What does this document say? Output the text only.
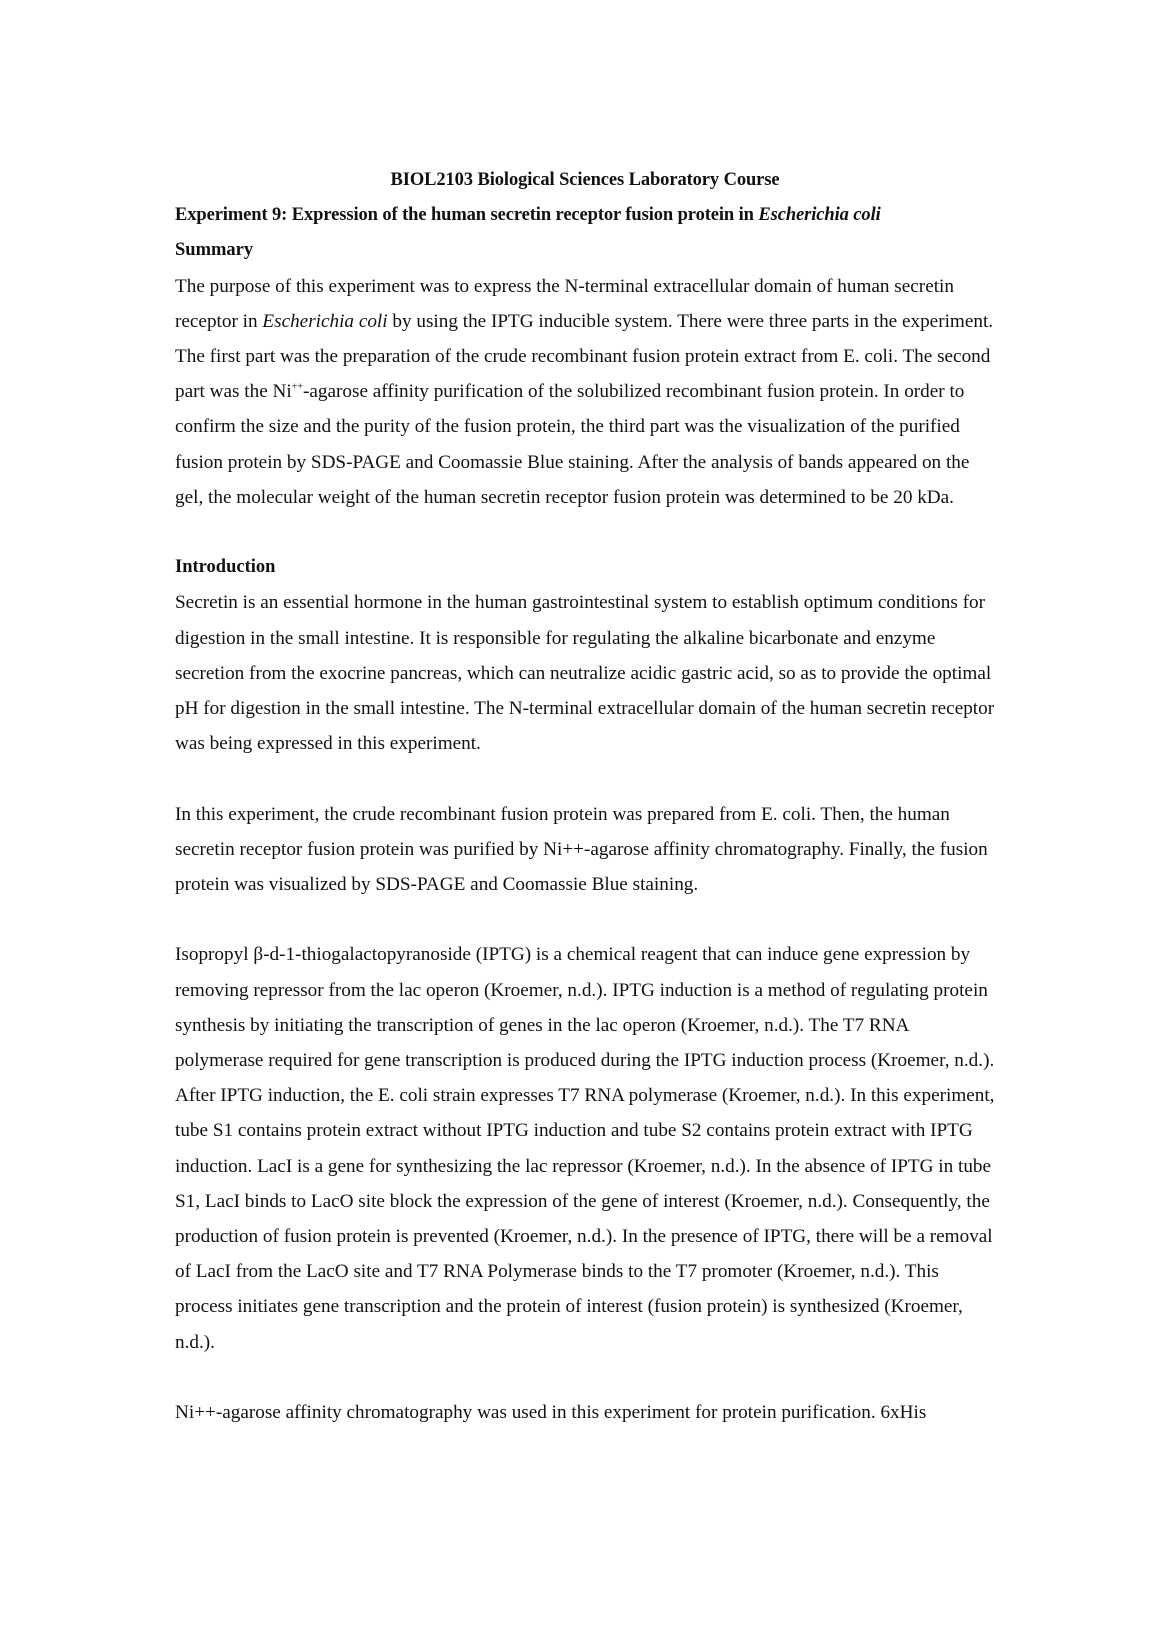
BIOL2103 Biological Sciences Laboratory Course

Experiment 9: Expression of the human secretin receptor fusion protein in Escherichia coli

Summary

The purpose of this experiment was to express the N-terminal extracellular domain of human secretin receptor in Escherichia coli by using the IPTG inducible system. There were three parts in the experiment. The first part was the preparation of the crude recombinant fusion protein extract from E. coli. The second part was the Ni++-agarose affinity purification of the solubilized recombinant fusion protein. In order to confirm the size and the purity of the fusion protein, the third part was the visualization of the purified fusion protein by SDS-PAGE and Coomassie Blue staining. After the analysis of bands appeared on the gel, the molecular weight of the human secretin receptor fusion protein was determined to be 20 kDa.

Introduction

Secretin is an essential hormone in the human gastrointestinal system to establish optimum conditions for digestion in the small intestine. It is responsible for regulating the alkaline bicarbonate and enzyme secretion from the exocrine pancreas, which can neutralize acidic gastric acid, so as to provide the optimal pH for digestion in the small intestine. The N-terminal extracellular domain of the human secretin receptor was being expressed in this experiment.

In this experiment, the crude recombinant fusion protein was prepared from E. coli. Then, the human secretin receptor fusion protein was purified by Ni++-agarose affinity chromatography. Finally, the fusion protein was visualized by SDS-PAGE and Coomassie Blue staining.

Isopropyl β-d-1-thiogalactopyranoside (IPTG) is a chemical reagent that can induce gene expression by removing repressor from the lac operon (Kroemer, n.d.). IPTG induction is a method of regulating protein synthesis by initiating the transcription of genes in the lac operon (Kroemer, n.d.). The T7 RNA polymerase required for gene transcription is produced during the IPTG induction process (Kroemer, n.d.). After IPTG induction, the E. coli strain expresses T7 RNA polymerase (Kroemer, n.d.). In this experiment, tube S1 contains protein extract without IPTG induction and tube S2 contains protein extract with IPTG induction. LacI is a gene for synthesizing the lac repressor (Kroemer, n.d.). In the absence of IPTG in tube S1, LacI binds to LacO site block the expression of the gene of interest (Kroemer, n.d.). Consequently, the production of fusion protein is prevented (Kroemer, n.d.). In the presence of IPTG, there will be a removal of LacI from the LacO site and T7 RNA Polymerase binds to the T7 promoter (Kroemer, n.d.). This process initiates gene transcription and the protein of interest (fusion protein) is synthesized (Kroemer, n.d.).

Ni++-agarose affinity chromatography was used in this experiment for protein purification. 6xHis
